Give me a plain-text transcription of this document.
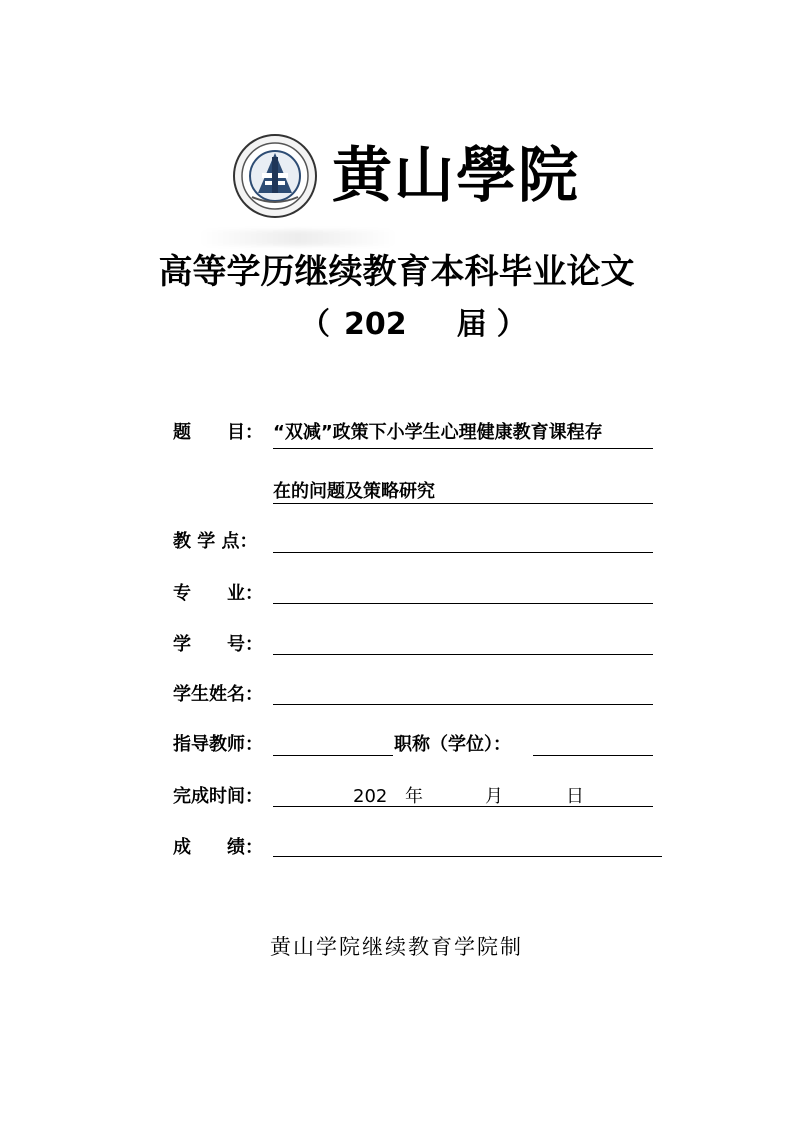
黄山學院
高等学历继续教育本科毕业论文
（ 202 届 ）
题　　目： “双减”政策下小学生心理健康教育课程存
在的问题及策略研究
教 学 点：
专　　业：
学　　号：
学生姓名：
指导教师：	职称（学位）：
完成时间：	202 年	月	日
成　　绩：
黄山学院继续教育学院制
